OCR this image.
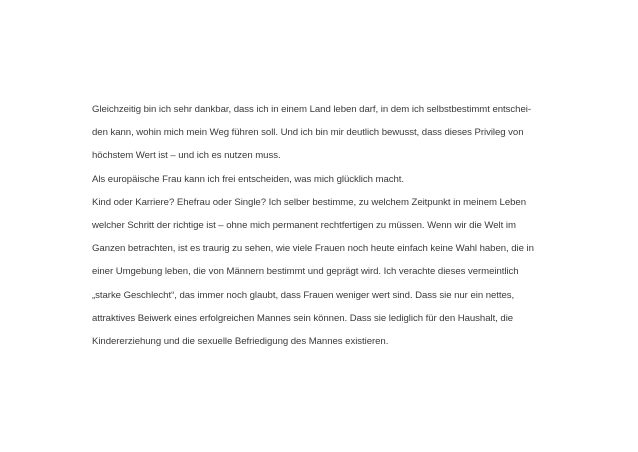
Gleichzeitig bin ich sehr dankbar, dass ich in einem Land leben darf, in dem ich selbstbestimmt entschei-
den kann, wohin mich mein Weg führen soll. Und ich bin mir deutlich bewusst, dass dieses Privileg von
höchstem Wert ist – und ich es nutzen muss.
Als europäische Frau kann ich frei entscheiden, was mich glücklich macht.
Kind oder Karriere? Ehefrau oder Single? Ich selber bestimme, zu welchem Zeitpunkt in meinem Leben
welcher Schritt der richtige ist – ohne mich permanent rechtfertigen zu müssen. Wenn wir die Welt im
Ganzen betrachten, ist es traurig zu sehen, wie viele Frauen noch heute einfach keine Wahl haben, die in
einer Umgebung leben, die von Männern bestimmt und geprägt wird. Ich verachte dieses vermeintlich
„starke Geschlecht“, das immer noch glaubt, dass Frauen weniger wert sind. Dass sie nur ein nettes,
attraktives Beiwerk eines erfolgreichen Mannes sein können. Dass sie lediglich für den Haushalt, die
Kindererziehung und die sexuelle Befriedigung des Mannes existieren.
